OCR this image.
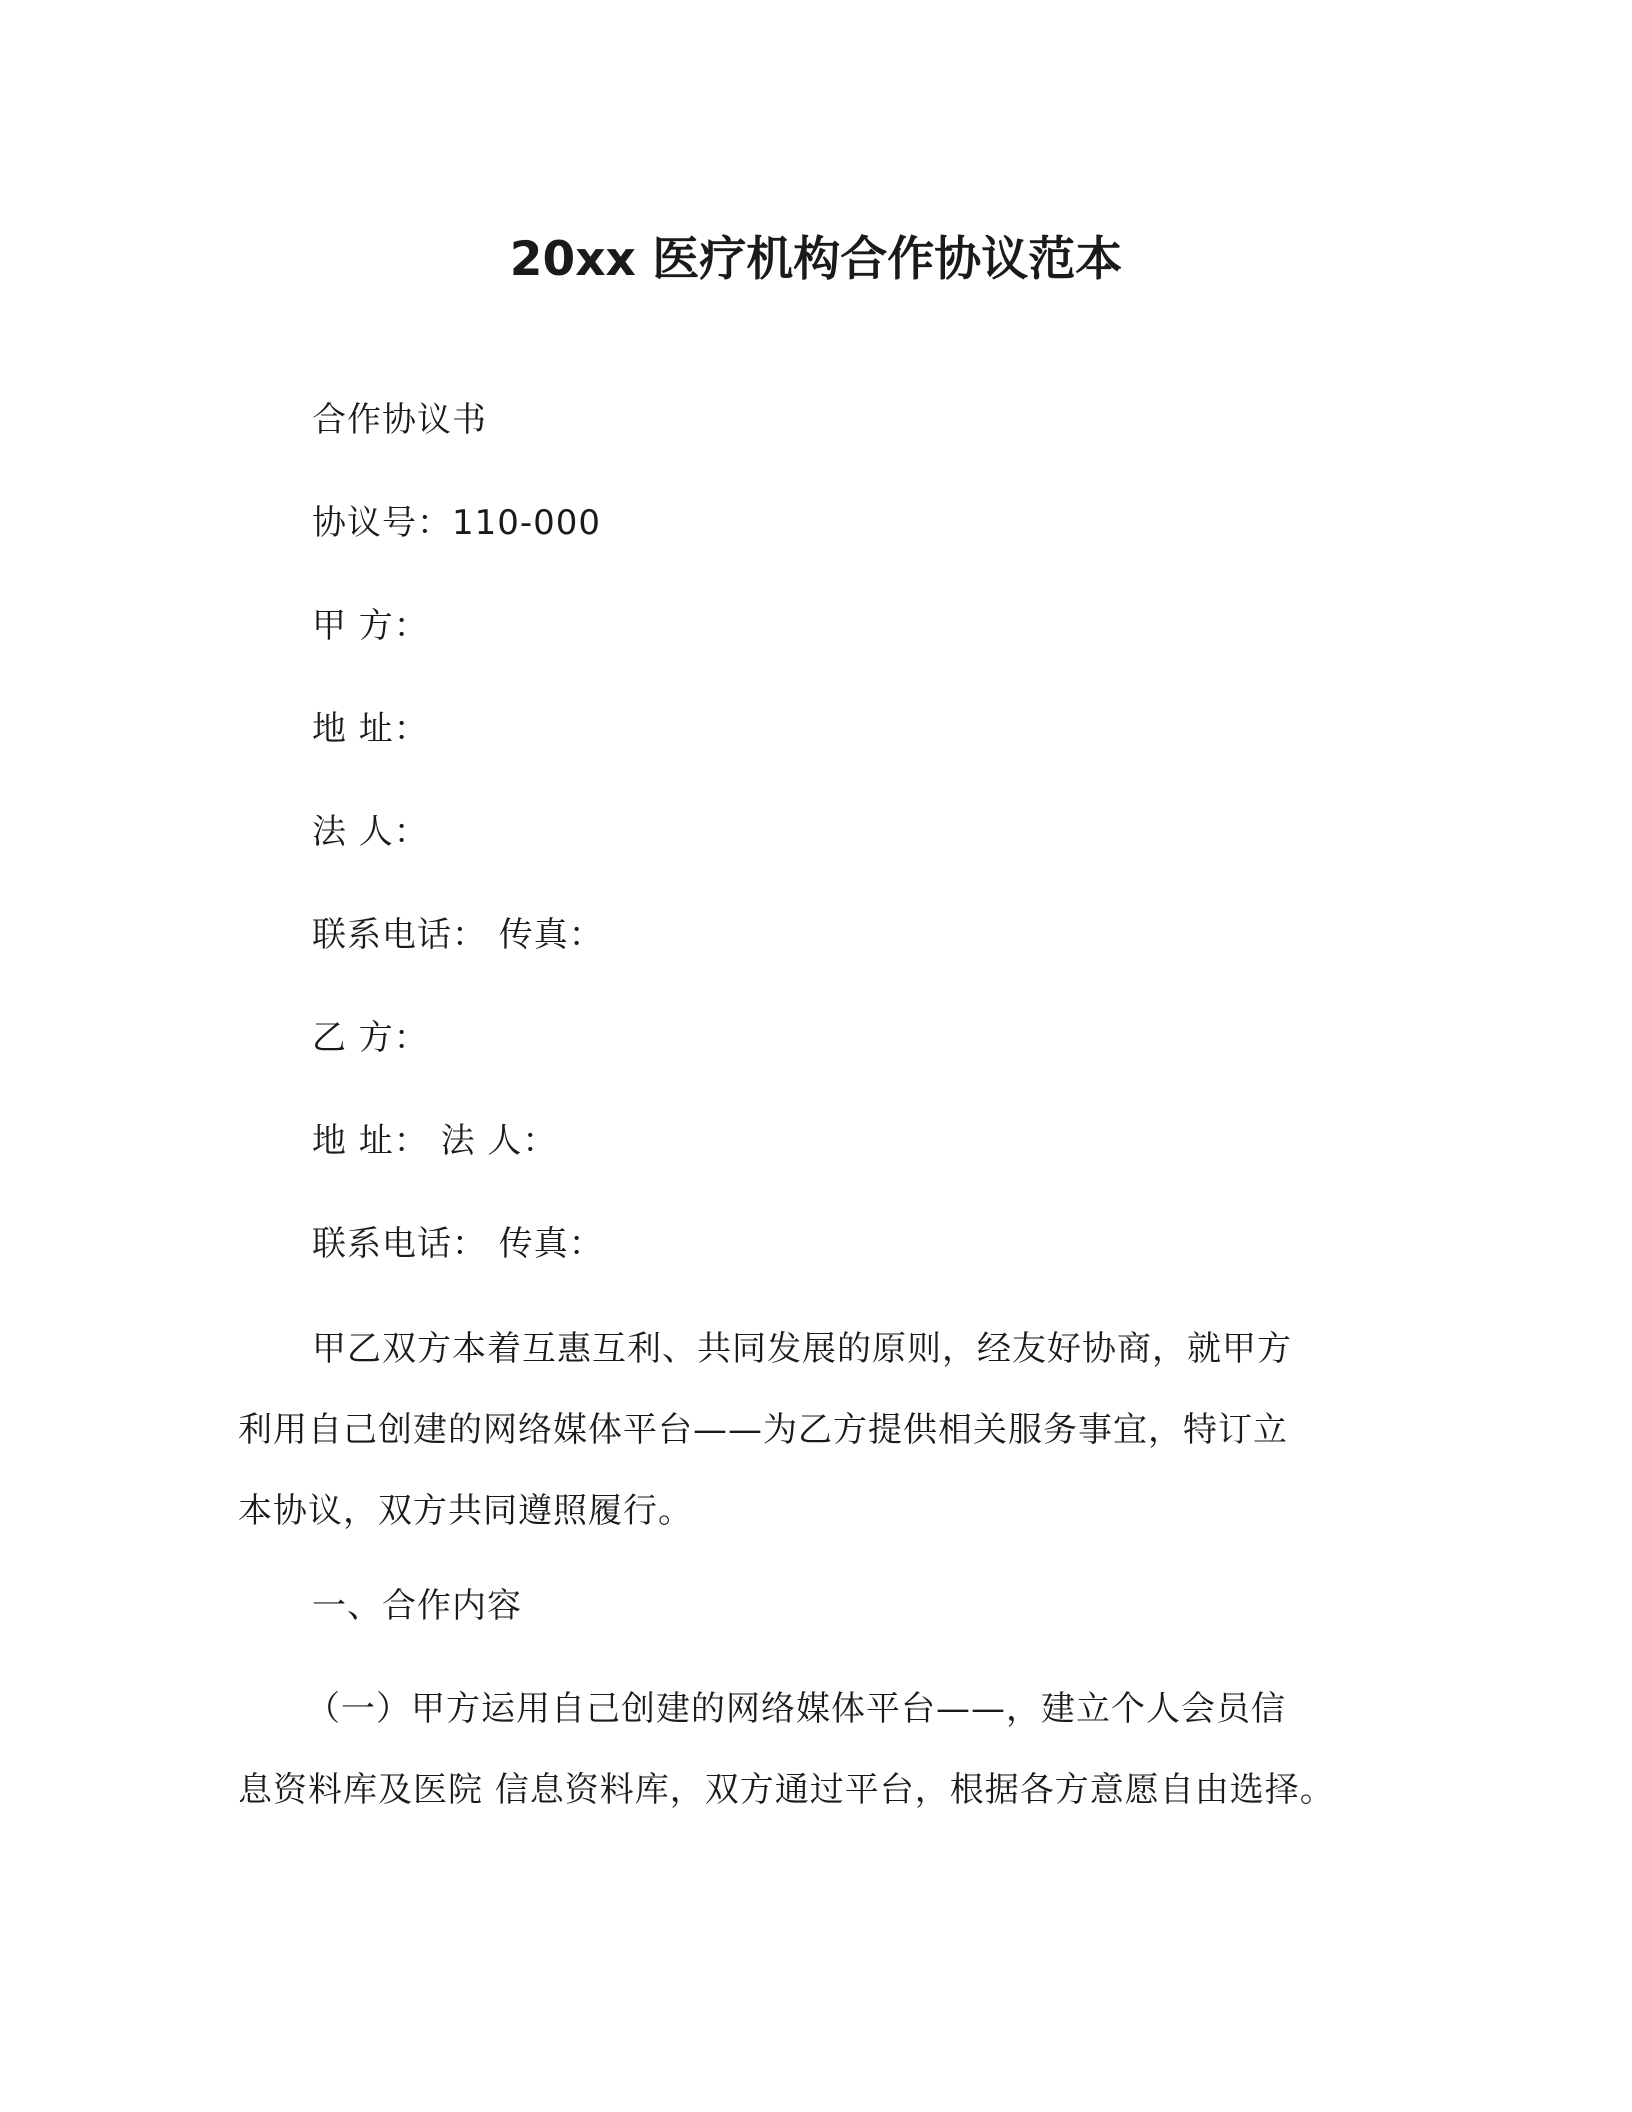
20xx 医疗机构合作协议范本
合作协议书
协议号：110-000
甲 方：
地 址：
法 人：
联系电话： 传真：
乙 方：
地 址： 法 人：
联系电话： 传真：
甲乙双方本着互惠互利、共同发展的原则，经友好协商，就甲方
利用自己创建的网络媒体平台——为乙方提供相关服务事宜，特订立
本协议，双方共同遵照履行。
一、合作内容
（一）甲方运用自己创建的网络媒体平台——，建立个人会员信
息资料库及医院 信息资料库，双方通过平台，根据各方意愿自由选择。
